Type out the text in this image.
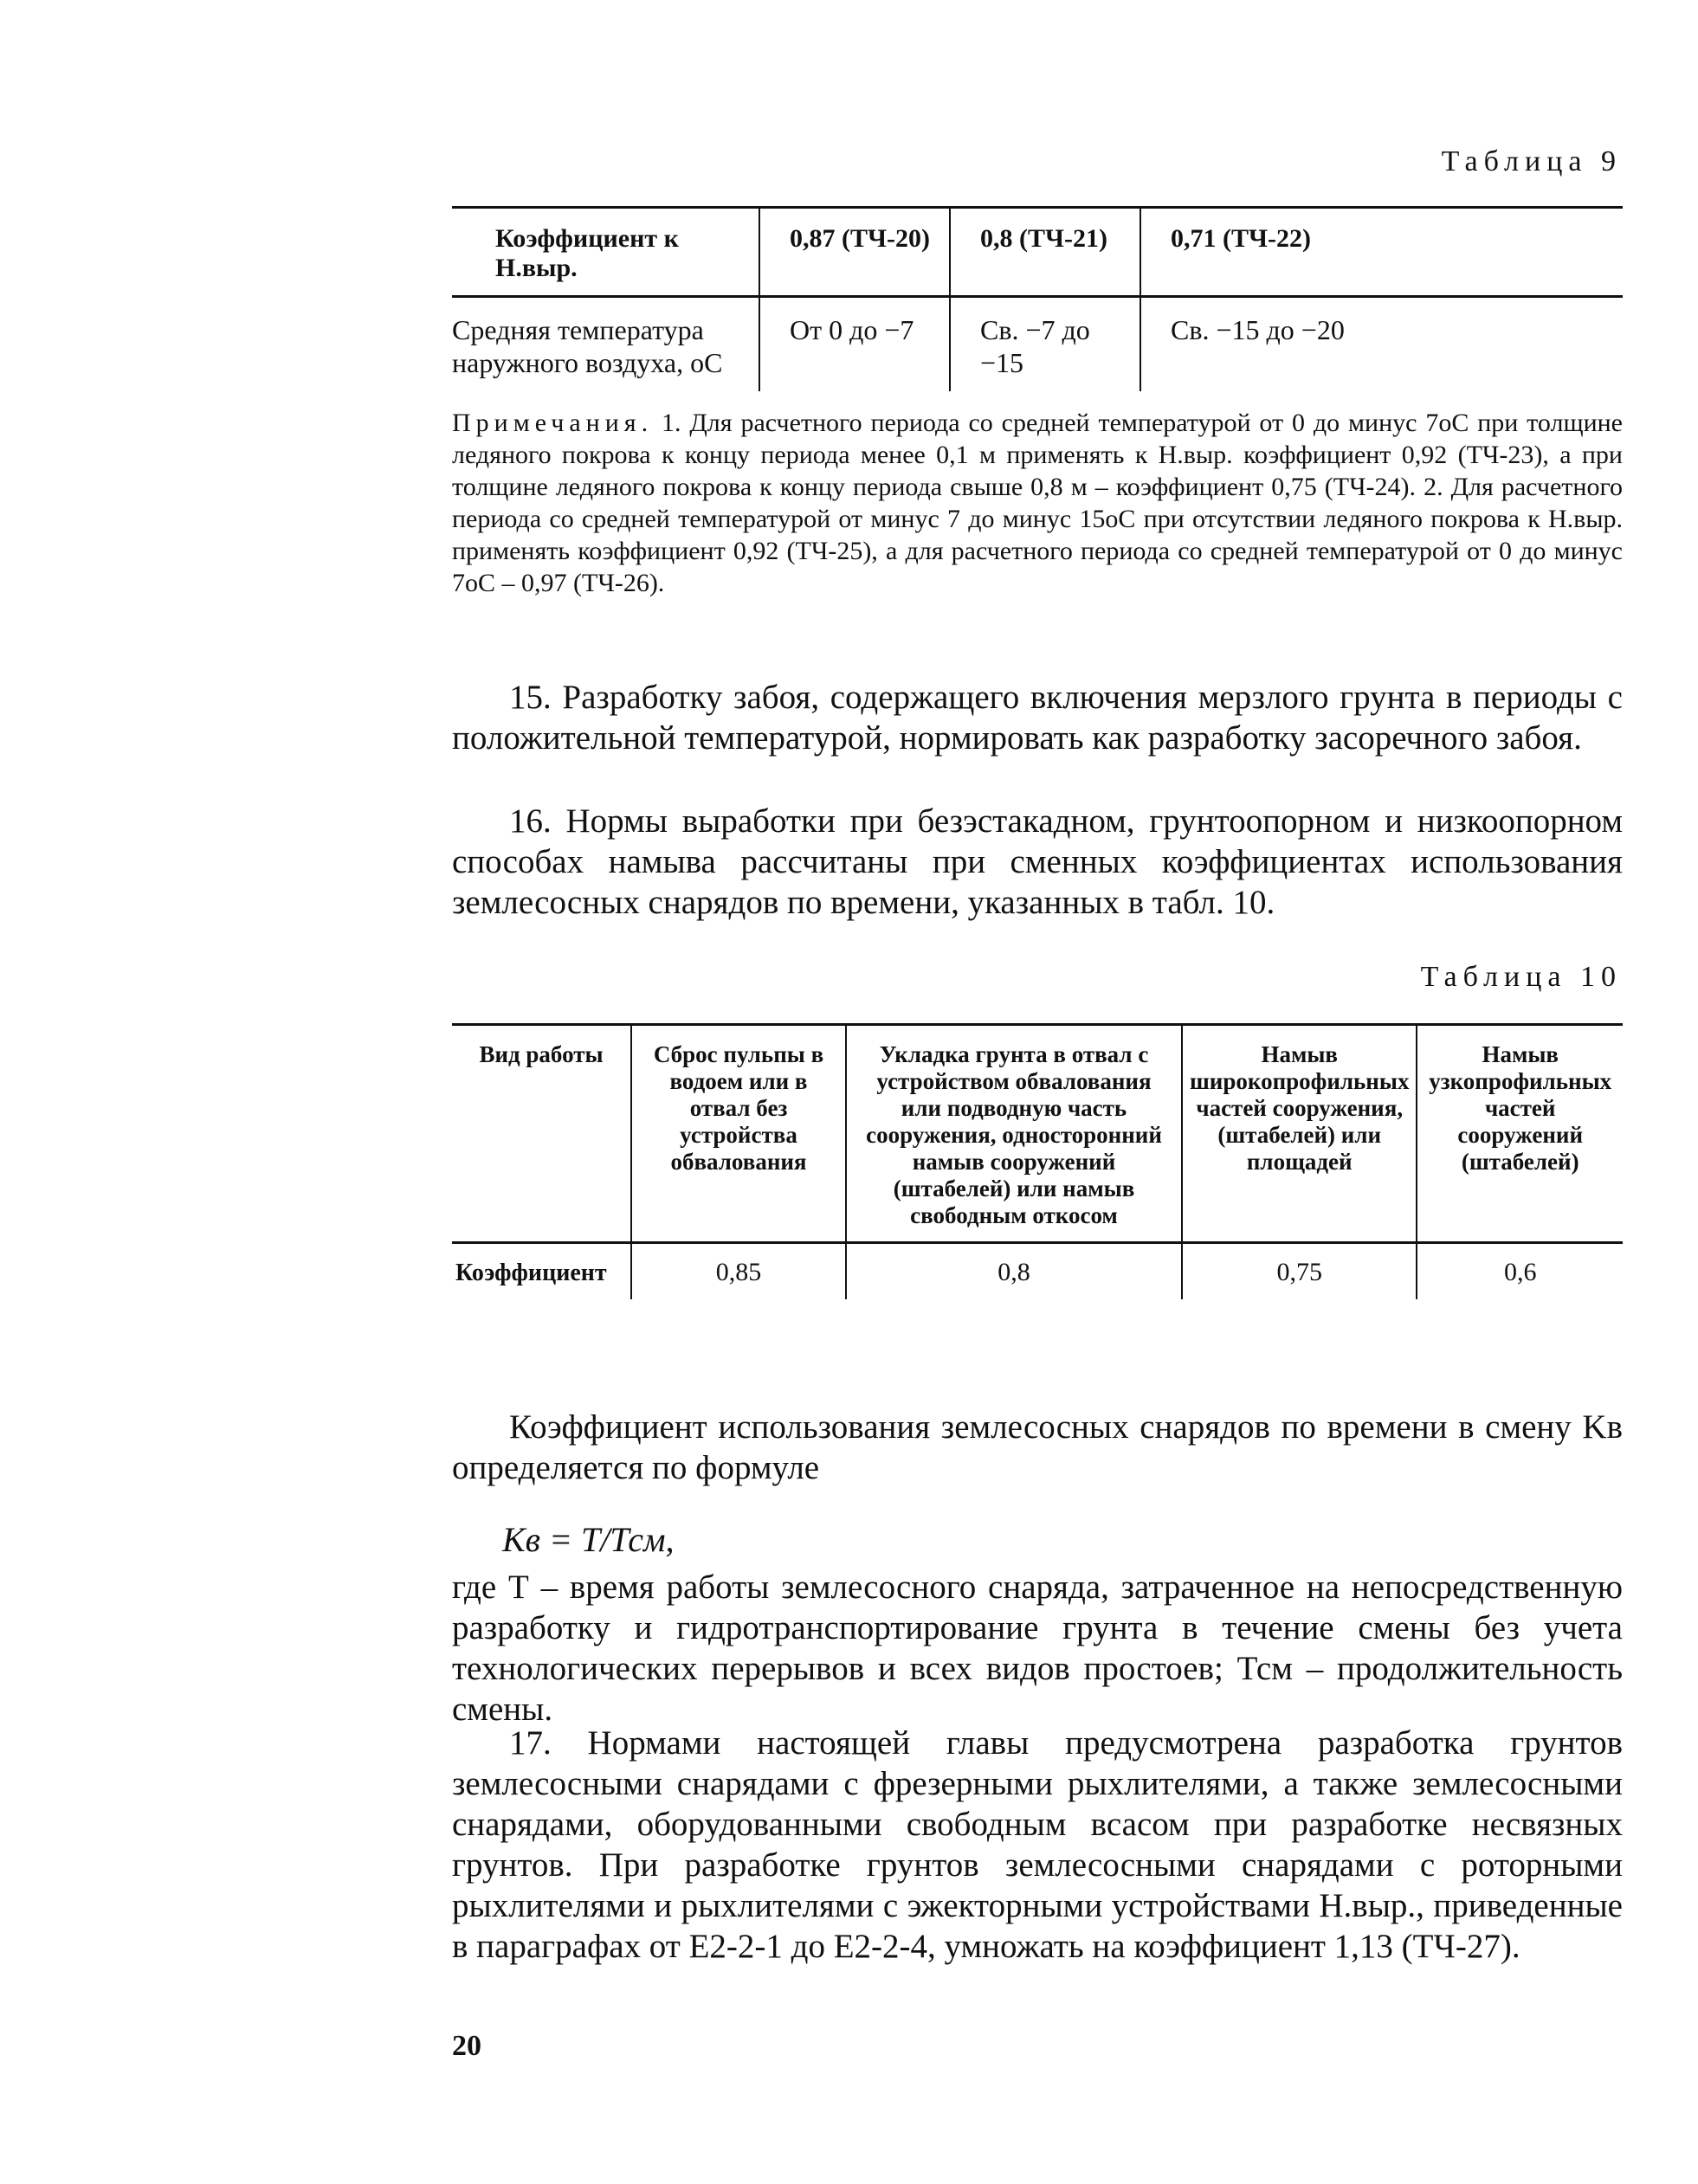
Таблица 9
Коэффициент к Н.выр.	0,87 (ТЧ-20)	0,8 (ТЧ-21)	0,71 (ТЧ-22)
Средняя температура наружного воздуха, оС	От 0 до −7	Св. −7 до −15	Св. −15 до −20
Примечания. 1. Для расчетного периода со средней температурой от 0 до минус 7оС при толщине ледяного покрова к концу периода менее 0,1 м применять к Н.выр. коэффициент 0,92 (ТЧ-23), а при толщине ледяного покрова к концу периода свыше 0,8 м – коэффициент 0,75 (ТЧ-24). 2. Для расчетного периода со средней температурой от минус 7 до минус 15оС при отсутствии ледяного покрова к Н.выр. применять коэффициент 0,92 (ТЧ-25), а для расчетного периода со средней температурой от 0 до минус 7оС – 0,97 (ТЧ-26).

15. Разработку забоя, содержащего включения мерзлого грунта в периоды с положительной температурой, нормировать как разработку засоречного забоя.

16. Нормы выработки при безэстакадном, грунтоопорном и низкоопорном способах намыва рассчитаны при сменных коэффициентах использования землесосных снарядов по времени, указанных в табл. 10.

Таблица 10
Вид работы	Сброс пульпы в водоем или в отвал без устройства обвалования	Укладка грунта в отвал с устройством обвалования или подводную часть сооружения, односторонний намыв сооружений (штабелей) или намыв свободным откосом	Намыв широкопрофильных частей сооружения, (штабелей) или площадей	Намыв узкопрофильных частей сооружений (штабелей)
Коэффициент	0,85	0,8	0,75	0,6

Коэффициент использования землесосных снарядов по времени в смену Kв определяется по формуле

Kв = Т/Тсм,

где Т – время работы землесосного снаряда, затраченное на непосредственную разработку и гидротранспортирование грунта в течение смены без учета технологических перерывов и всех видов простоев; Тсм – продолжительность смены.

17. Нормами настоящей главы предусмотрена разработка грунтов землесосными снарядами с фрезерными рыхлителями, а также землесосными снарядами, оборудованными свободным всасом при разработке несвязных грунтов. При разработке грунтов землесосными снарядами с роторными рыхлителями и рыхлителями с эжекторными устройствами Н.выр., приведенные в параграфах от Е2-2-1 до Е2-2-4, умножать на коэффициент 1,13 (ТЧ-27).

20
